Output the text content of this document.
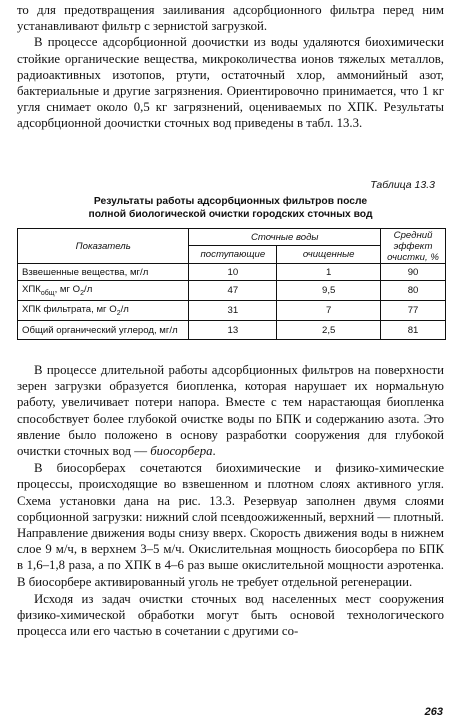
то для предотвращения заиливания адсорбционного фильтра перед ним устанавливают фильтр с зернистой загрузкой.

В процессе адсорбционной доочистки из воды удаляются биохимически стойкие органические вещества, микроколичества ионов тяжелых металлов, радиоактивных изотопов, ртути, остаточный хлор, аммонийный азот, бактериальные и другие загрязнения. Ориентировочно принимается, что 1 кг угля снимает около 0,5 кг загрязнений, оцениваемых по ХПК. Результаты адсорбционной доочистки сточных вод приведены в табл. 13.3.

Таблица 13.3
Результаты работы адсорбционных фильтров после
полной биологической очистки городских сточных вод
Показатель	Сточные воды		Средний
эффект
очистки, %

	поступающие	очищенные	
Взвешенные вещества, мг/л	10	1	90
$ХПК_{общ}$, мг $О_2/л$	47	9,5	80
ХПК фильтрата, мг $О_2/л$	31	7	77
Общий органический углерод, мг/л	13	2,5	81

В процессе длительной работы адсорбционных фильтров на поверхности зерен загрузки образуется биопленка, которая нарушает их нормальную работу, увеличивает потери напора. Вместе с тем нарастающая биопленка способствует более глубокой очистке воды по БПК и содержанию азота. Это явление было положено в основу разработки сооружения для глубокой очистки сточных вод — биосорбера.

В биосорберах сочетаются биохимические и физико-химические процессы, происходящие во взвешенном и плотном слоях активного угля. Схема установки дана на рис. 13.3. Резервуар заполнен двумя слоями сорбционной загрузки: нижний слой псевдоожиженный, верхний — плотный. Направление движения воды снизу вверх. Скорость движения воды в нижнем слое 9 м/ч, в верхнем 3–5 м/ч. Окислительная мощность биосорбера по БПК в 1,6–1,8 раза, а по ХПК в 4–6 раз выше окислительной мощности аэротенка. В биосорбере активированный уголь не требует отдельной регенерации.

Исходя из задач очистки сточных вод населенных мест сооружения физико-химической обработки могут быть основой технологического процесса или его частью в сочетании с другими со-

263
